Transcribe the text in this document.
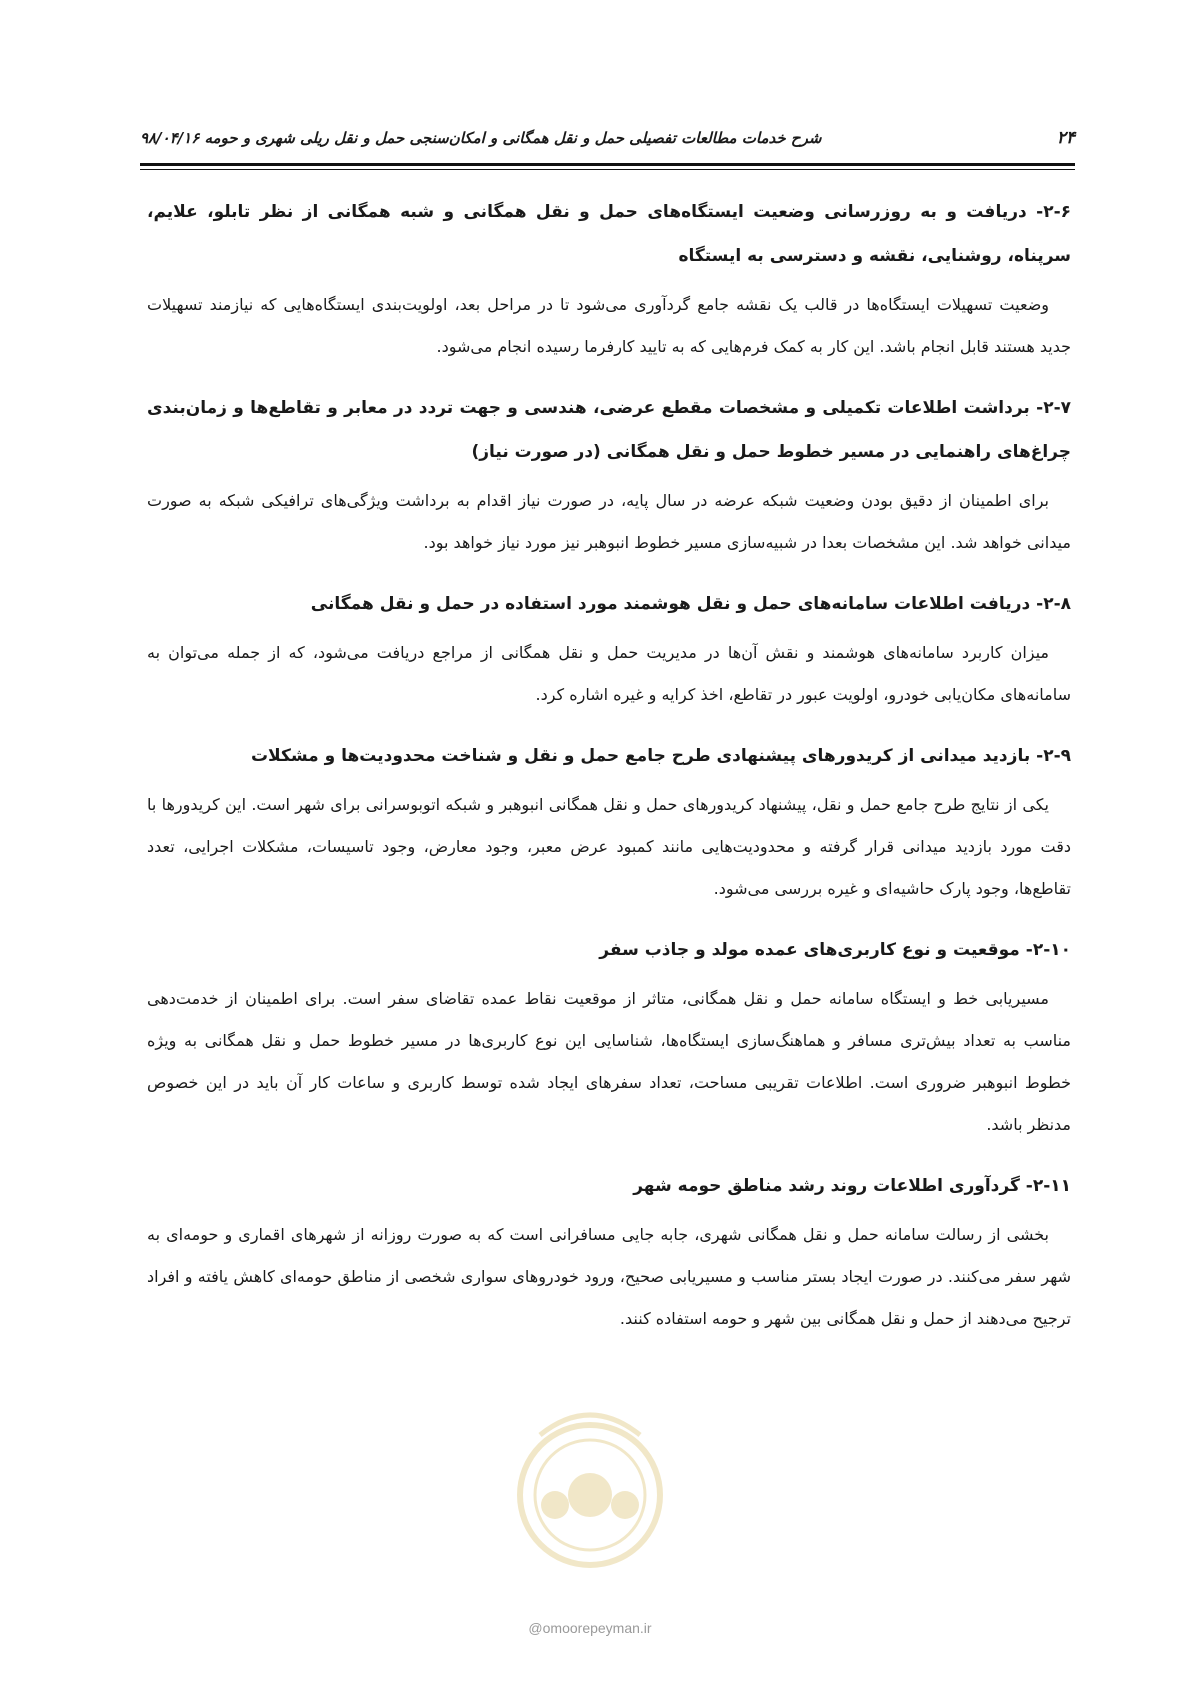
۲۴
شرح خدمات مطالعات تفصیلی حمل و نقل همگانی و امکان‌سنجی حمل و نقل ریلی شهری و حومه ۹۸/۰۴/۱۶
۲-۶- دریافت و به روزرسانی وضعیت ایستگاه‌های حمل و نقل همگانی و شبه همگانی از نظر تابلو، علایم، سرپناه، روشنایی، نقشه و دسترسی به ایستگاه

وضعیت تسهیلات ایستگاه‌ها در قالب یک نقشه جامع گردآوری می‌شود تا در مراحل بعد، اولویت‌بندی ایستگاه‌هایی که نیازمند تسهیلات جدید هستند قابل انجام باشد. این کار به کمک فرم‌هایی که به تایید کارفرما رسیده انجام می‌شود.

۲-۷- برداشت اطلاعات تکمیلی و مشخصات مقطع عرضی، هندسی و جهت تردد در معابر و تقاطع‌ها و زمان‌بندی چراغ‌های راهنمایی در مسیر خطوط حمل و نقل همگانی (در صورت نیاز)

برای اطمینان از دقیق بودن وضعیت شبکه عرضه در سال پایه، در صورت نیاز اقدام به برداشت ویژگی‌های ترافیکی شبکه به صورت میدانی خواهد شد. این مشخصات بعدا در شبیه‌سازی مسیر خطوط انبوهبر نیز مورد نیاز خواهد بود.

۲-۸- دریافت اطلاعات سامانه‌های حمل و نقل هوشمند مورد استفاده در حمل و نقل همگانی

میزان کاربرد سامانه‌های هوشمند و نقش آن‌ها در مدیریت حمل و نقل همگانی از مراجع دریافت می‌شود، که از جمله می‌توان به سامانه‌های مکان‌یابی خودرو، اولویت عبور در تقاطع، اخذ کرایه و غیره اشاره کرد.

۲-۹- بازدید میدانی از کریدورهای پیشنهادی طرح جامع حمل و نقل و شناخت محدودیت‌ها و مشکلات

یکی از نتایج طرح جامع حمل و نقل، پیشنهاد کریدورهای حمل و نقل همگانی انبوهبر و شبکه اتوبوسرانی برای شهر است. این کریدورها با دقت مورد بازدید میدانی قرار گرفته و محدودیت‌هایی مانند کمبود عرض معبر، وجود معارض، وجود تاسیسات، مشکلات اجرایی، تعدد تقاطع‌ها، وجود پارک حاشیه‌ای و غیره بررسی می‌شود.

۲-۱۰- موقعیت و نوع کاربری‌های عمده مولد و جاذب سفر

مسیریابی خط و ایستگاه سامانه حمل و نقل همگانی، متاثر از موقعیت نقاط عمده تقاضای سفر است. برای اطمینان از خدمت‌دهی مناسب به تعداد بیش‌تری مسافر و هماهنگ‌سازی ایستگاه‌ها، شناسایی این نوع کاربری‌ها در مسیر خطوط حمل و نقل همگانی به ویژه خطوط انبوهبر ضروری است. اطلاعات تقریبی مساحت، تعداد سفرهای ایجاد شده توسط کاربری و ساعات کار آن باید در این خصوص مدنظر باشد.

۲-۱۱- گردآوری اطلاعات روند رشد مناطق حومه شهر

بخشی از رسالت سامانه حمل و نقل همگانی شهری، جابه جایی مسافرانی است که به صورت روزانه از شهرهای اقماری و حومه‌ای به شهر سفر می‌کنند. در صورت ایجاد بستر مناسب و مسیریابی صحیح، ورود خودروهای سواری شخصی از مناطق حومه‌ای کاهش یافته و افراد ترجیح می‌دهند از حمل و نقل همگانی بین شهر و حومه استفاده کنند.

@omoorepeyman.ir
